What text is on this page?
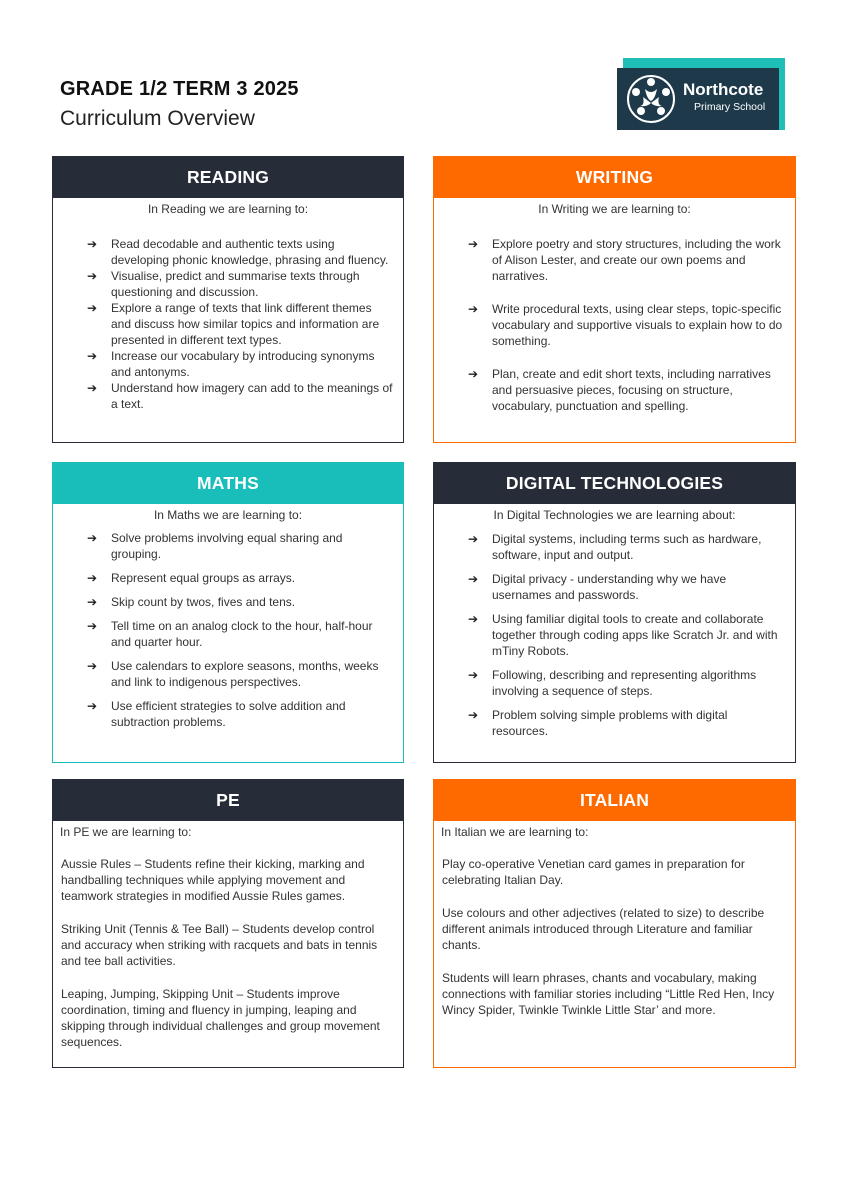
GRADE 1/2 TERM 3 2025
Curriculum Overview
Northcote
Primary School
READING
In Reading we are learning to:
➔ Read decodable and authentic texts using developing phonic knowledge, phrasing and fluency.
➔ Visualise, predict and summarise texts through questioning and discussion.
➔ Explore a range of texts that link different themes and discuss how similar topics and information are presented in different text types.
➔ Increase our vocabulary by introducing synonyms and antonyms.
➔ Understand how imagery can add to the meanings of a text.
WRITING
In Writing we are learning to:
➔ Explore poetry and story structures, including the work of Alison Lester, and create our own poems and narratives.
➔ Write procedural texts, using clear steps, topic-specific vocabulary and supportive visuals to explain how to do something.
➔ Plan, create and edit short texts, including narratives and persuasive pieces, focusing on structure, vocabulary, punctuation and spelling.
MATHS
In Maths we are learning to:
➔ Solve problems involving equal sharing and grouping.
➔ Represent equal groups as arrays.
➔ Skip count by twos, fives and tens.
➔ Tell time on an analog clock to the hour, half-hour and quarter hour.
➔ Use calendars to explore seasons, months, weeks and link to indigenous perspectives.
➔ Use efficient strategies to solve addition and subtraction problems.
DIGITAL TECHNOLOGIES
In Digital Technologies we are learning about:
➔ Digital systems, including terms such as hardware, software, input and output.
➔ Digital privacy - understanding why we have usernames and passwords.
➔ Using familiar digital tools to create and collaborate together through coding apps like Scratch Jr. and with mTiny Robots.
➔ Following, describing and representing algorithms involving a sequence of steps.
➔ Problem solving simple problems with digital resources.
PE
In PE we are learning to:

Aussie Rules – Students refine their kicking, marking and handballing techniques while applying movement and teamwork strategies in modified Aussie Rules games.

Striking Unit (Tennis & Tee Ball) – Students develop control and accuracy when striking with racquets and bats in tennis and tee ball activities.

Leaping, Jumping, Skipping Unit – Students improve coordination, timing and fluency in jumping, leaping and skipping through individual challenges and group movement sequences.

ITALIAN
In Italian we are learning to:

Play co-operative Venetian card games in preparation for celebrating Italian Day.

Use colours and other adjectives (related to size) to describe different animals introduced through Literature and familiar chants.

Students will learn phrases, chants and vocabulary, making connections with familiar stories including “Little Red Hen, Incy Wincy Spider, Twinkle Twinkle Little Star’ and more.
